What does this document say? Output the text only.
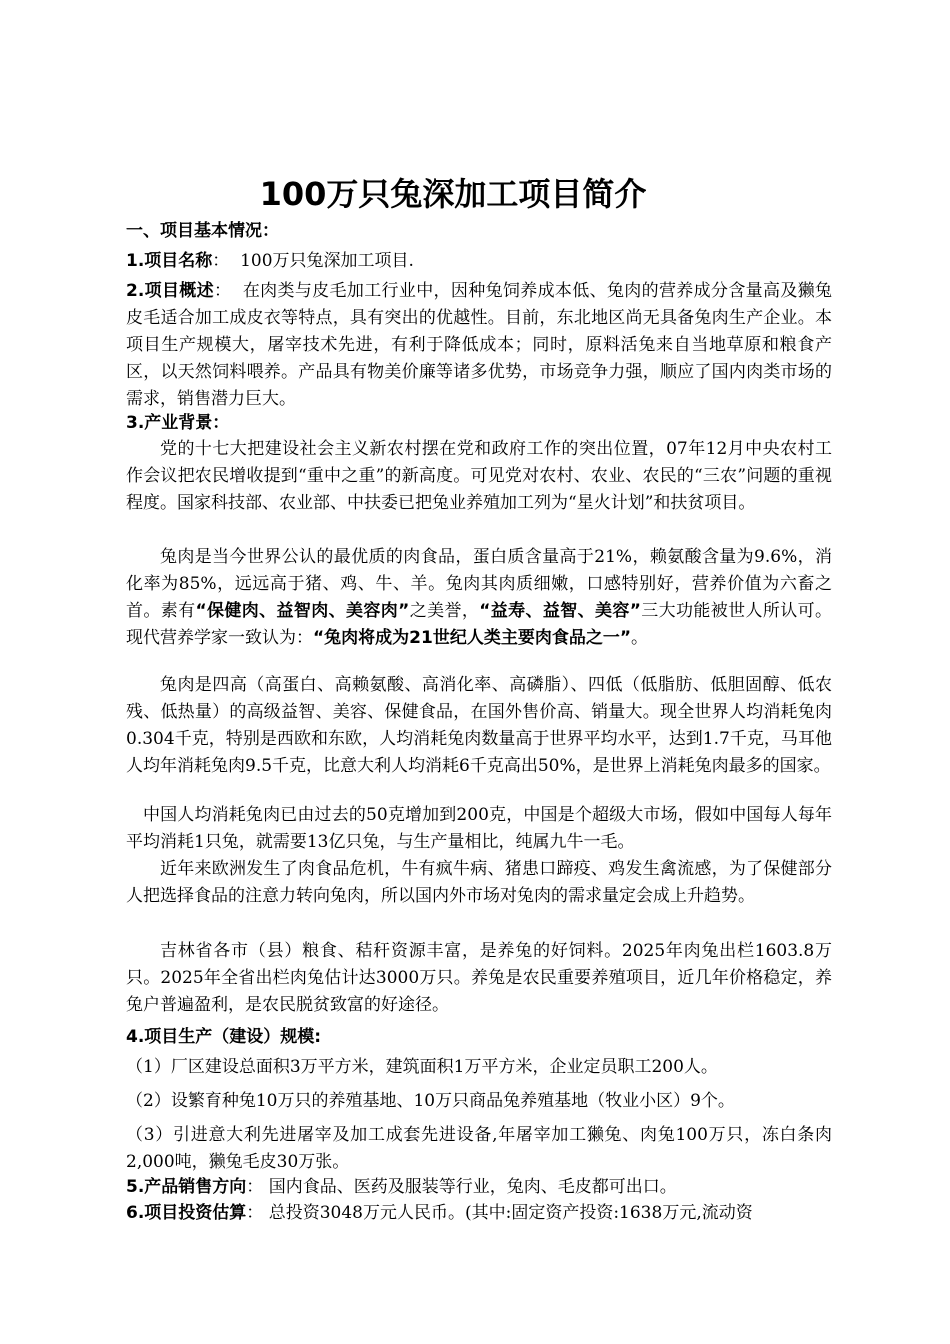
100万只兔深加工项目简介
一、项目基本情况：
1.项目名称： 100万只兔深加工项目.
2.项目概述： 在肉类与皮毛加工行业中，因种兔饲养成本低、兔肉的营养成分含量高及獭兔皮毛适合加工成皮衣等特点，具有突出的优越性。目前，东北地区尚无具备兔肉生产企业。本项目生产规模大，屠宰技术先进，有利于降低成本；同时，原料活兔来自当地草原和粮食产区，以天然饲料喂养。产品具有物美价廉等诸多优势，市场竞争力强，顺应了国内肉类市场的需求，销售潜力巨大。
3.产业背景：
党的十七大把建设社会主义新农村摆在党和政府工作的突出位置，07年12月中央农村工作会议把农民增收提到“重中之重”的新高度。可见党对农村、农业、农民的“三农”问题的重视程度。国家科技部、农业部、中扶委已把兔业养殖加工列为“星火计划”和扶贫项目。
兔肉是当今世界公认的最优质的肉食品，蛋白质含量高于21%，赖氨酸含量为9.6%，消化率为85%，远远高于猪、鸡、牛、羊。兔肉其肉质细嫩，口感特别好，营养价值为六畜之首。素有“保健肉、益智肉、美容肉”之美誉，“益寿、益智、美容”三大功能被世人所认可。现代营养学家一致认为：“兔肉将成为21世纪人类主要肉食品之一”。
兔肉是四高（高蛋白、高赖氨酸、高消化率、高磷脂）、四低（低脂肪、低胆固醇、低农残、低热量）的高级益智、美容、保健食品，在国外售价高、销量大。现全世界人均消耗兔肉0.304千克，特别是西欧和东欧，人均消耗兔肉数量高于世界平均水平，达到1.7千克，马耳他人均年消耗兔肉9.5千克，比意大利人均消耗6千克高出50%，是世界上消耗兔肉最多的国家。
中国人均消耗兔肉已由过去的50克增加到200克，中国是个超级大市场，假如中国每人每年平均消耗1只兔，就需要13亿只兔，与生产量相比，纯属九牛一毛。
近年来欧洲发生了肉食品危机，牛有疯牛病、猪患口蹄疫、鸡发生禽流感，为了保健部分人把选择食品的注意力转向兔肉，所以国内外市场对兔肉的需求量定会成上升趋势。
吉林省各市（县）粮食、秸秆资源丰富，是养兔的好饲料。2025年肉兔出栏1603.8万只。2025年全省出栏肉兔估计达3000万只。养兔是农民重要养殖项目，近几年价格稳定，养兔户普遍盈利，是农民脱贫致富的好途径。
4.项目生产（建设）规模:
（1）厂区建设总面积3万平方米，建筑面积1万平方米，企业定员职工200人。
（2）设繁育种兔10万只的养殖基地、10万只商品兔养殖基地（牧业小区）9个。
（3）引进意大利先进屠宰及加工成套先进设备,年屠宰加工獭兔、肉兔100万只，冻白条肉2,000吨，獭兔毛皮30万张。
5.产品销售方向： 国内食品、医药及服装等行业，兔肉、毛皮都可出口。
6.项目投资估算： 总投资3048万元人民币。(其中:固定资产投资:1638万元,流动资
